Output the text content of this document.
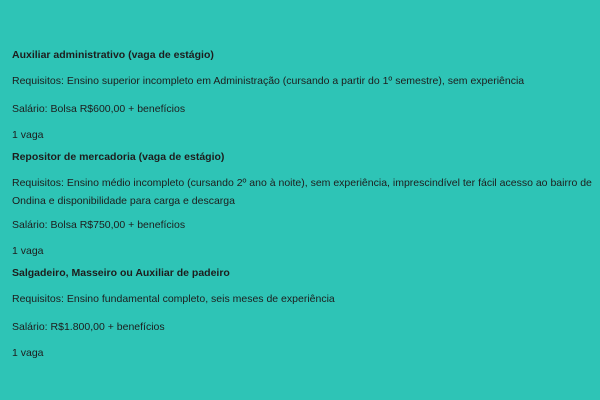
Auxiliar administrativo (vaga de estágio)

Requisitos: Ensino superior incompleto em Administração (cursando a partir do 1º semestre), sem experiência

Salário: Bolsa R$600,00 + benefícios

1 vaga

Repositor de mercadoria (vaga de estágio)

Requisitos: Ensino médio incompleto (cursando 2º ano à noite), sem experiência, imprescindível ter fácil acesso ao bairro de Ondina e disponibilidade para carga e descarga

Salário: Bolsa R$750,00 + benefícios

1 vaga

Salgadeiro, Masseiro ou Auxiliar de padeiro

Requisitos: Ensino fundamental completo, seis meses de experiência

Salário: R$1.800,00 + benefícios

1 vaga
